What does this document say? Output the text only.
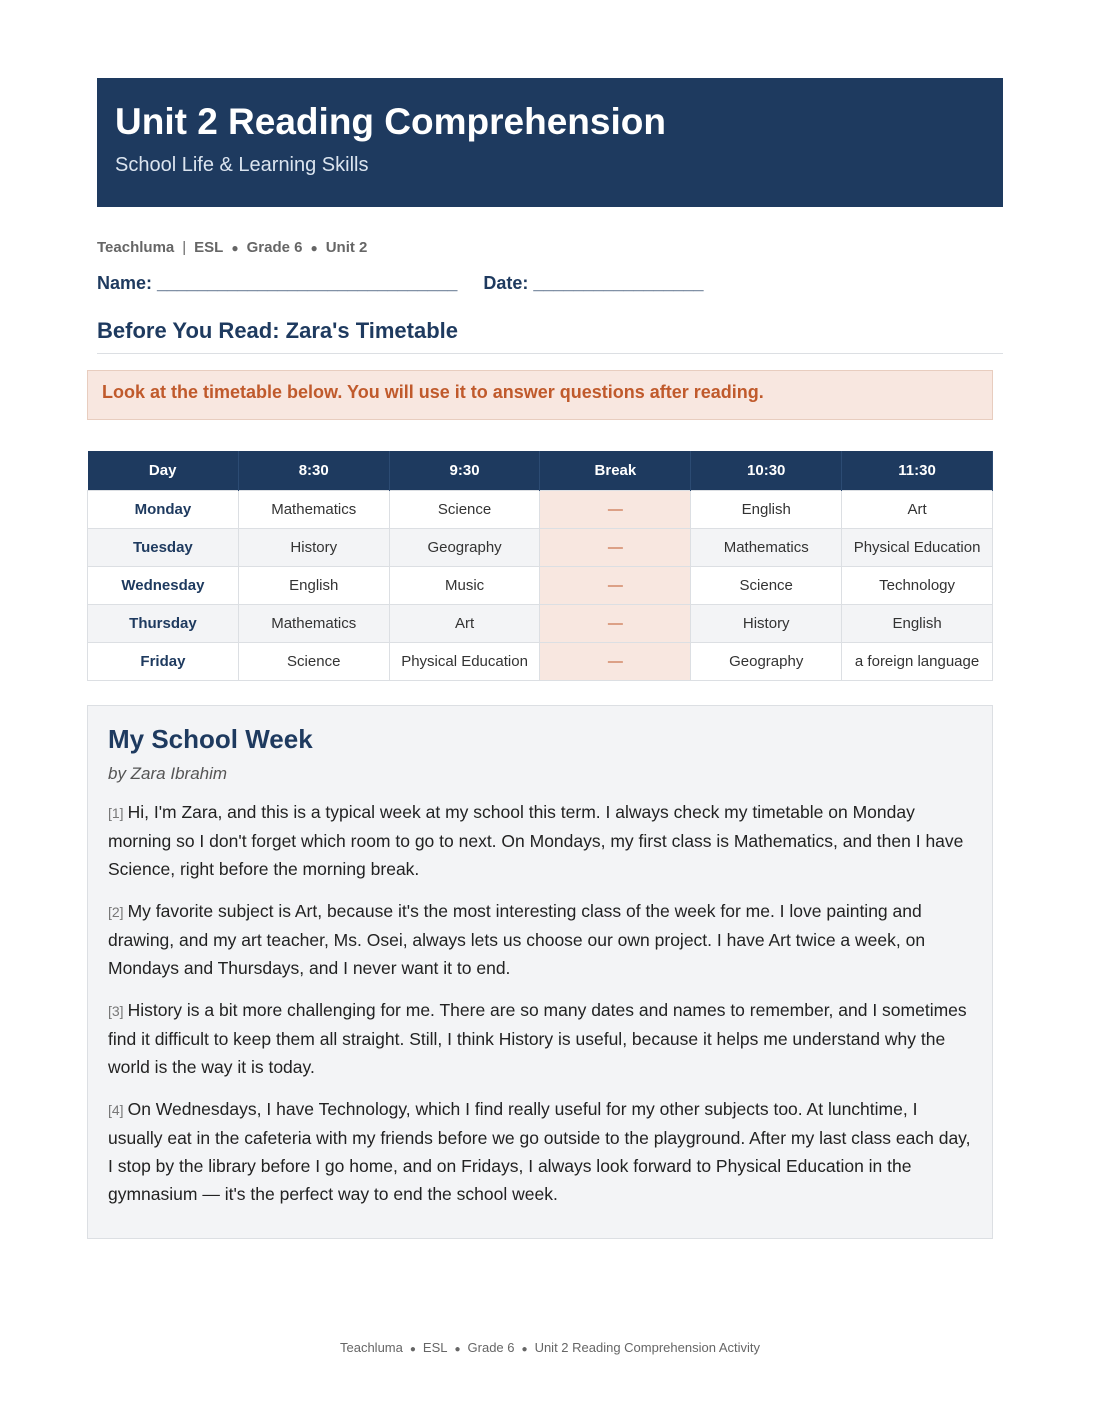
Unit 2 Reading Comprehension
School Life & Learning Skills
Teachluma | ESL ● Grade 6 ● Unit 2
Name: ______________________________ Date: _________________
Before You Read: Zara's Timetable
Look at the timetable below. You will use it to answer questions after reading.
Day	8:30	9:30	Break	10:30	11:30
Monday	Mathematics	Science	—	English	Art
Tuesday	History	Geography	—	Mathematics	Physical Education
Wednesday	English	Music	—	Science	Technology
Thursday	Mathematics	Art	—	History	English
Friday	Science	Physical Education	—	Geography	a foreign language
My School Week
by Zara Ibrahim

[1] Hi, I'm Zara, and this is a typical week at my school this term. I always check my timetable on Monday morning so I don't forget which room to go to next. On Mondays, my first class is Mathematics, and then I have Science, right before the morning break.

[2] My favorite subject is Art, because it's the most interesting class of the week for me. I love painting and drawing, and my art teacher, Ms. Osei, always lets us choose our own project. I have Art twice a week, on Mondays and Thursdays, and I never want it to end.

[3] History is a bit more challenging for me. There are so many dates and names to remember, and I sometimes find it difficult to keep them all straight. Still, I think History is useful, because it helps me understand why the world is the way it is today.

[4] On Wednesdays, I have Technology, which I find really useful for my other subjects too. At lunchtime, I usually eat in the cafeteria with my friends before we go outside to the playground. After my last class each day, I stop by the library before I go home, and on Fridays, I always look forward to Physical Education in the gymnasium — it's the perfect way to end the school week.

Teachluma ● ESL ● Grade 6 ● Unit 2 Reading Comprehension Activity
